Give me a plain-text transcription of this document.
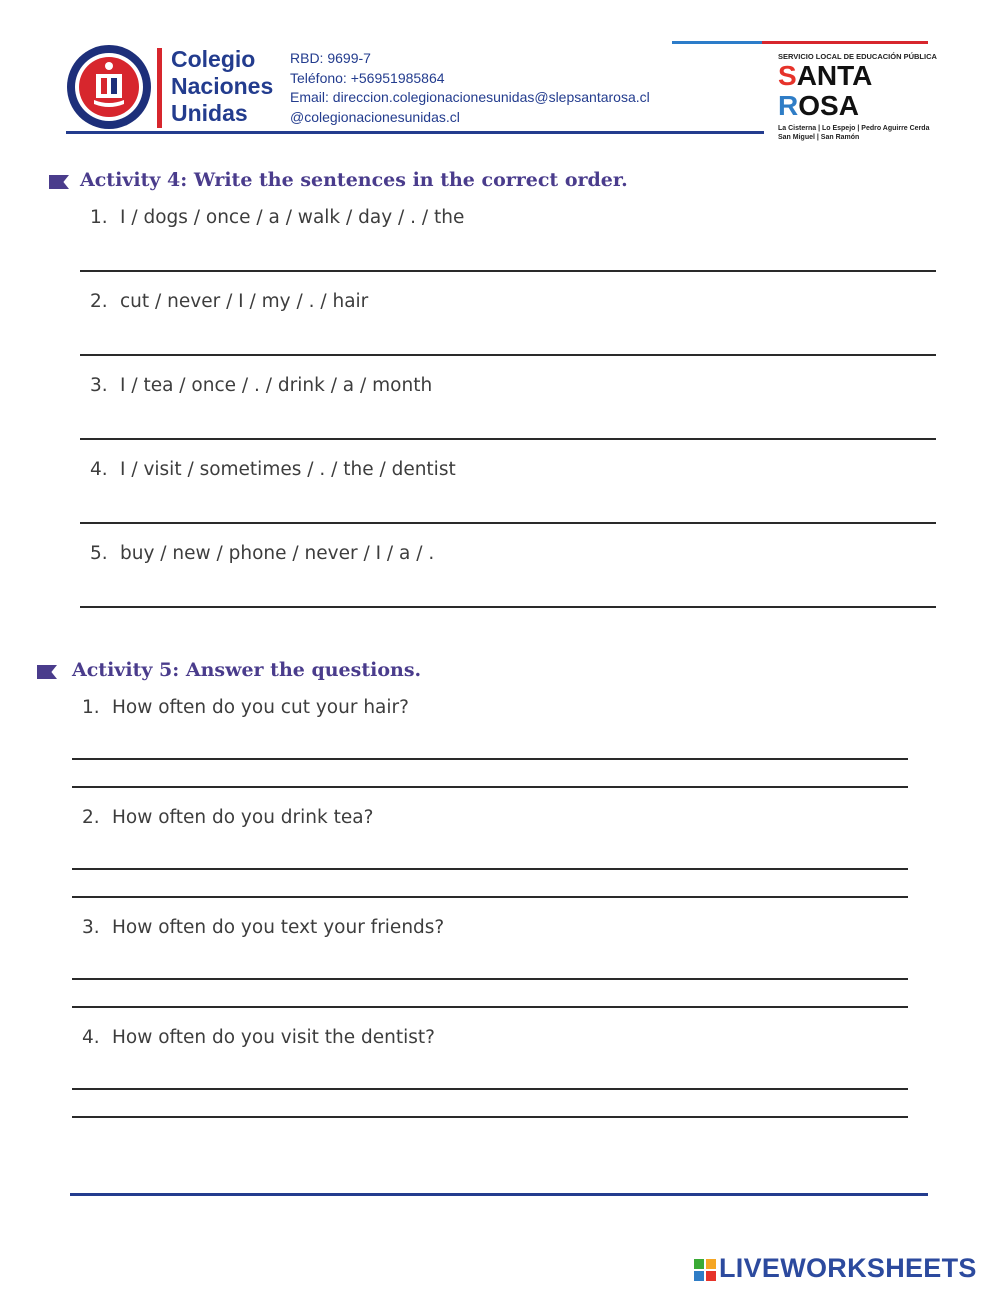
Colegio
Naciones
Unidas
RBD: 9699-7
Teléfono: +56951985864
Email: direccion.colegionacionesunidas@slepsantarosa.cl
@colegionacionesunidas.cl
SERVICIO LOCAL DE EDUCACIÓN PÚBLICA
SANTA
ROSA
La Cisterna | Lo Espejo | Pedro Aguirre Cerda
San Miguel | San Ramón
Activity 4: Write the sentences in the correct order.
1. I / dogs / once / a / walk / day / . / the
2. cut / never / I / my / . / hair
3. I / tea / once / . / drink / a / month
4. I / visit / sometimes / . / the / dentist
5. buy / new / phone / never / I / a / .
Activity 5: Answer the questions.
1. How often do you cut your hair?
2. How often do you drink tea?
3. How often do you text your friends?
4. How often do you visit the dentist?
LIVEWORKSHEETS
